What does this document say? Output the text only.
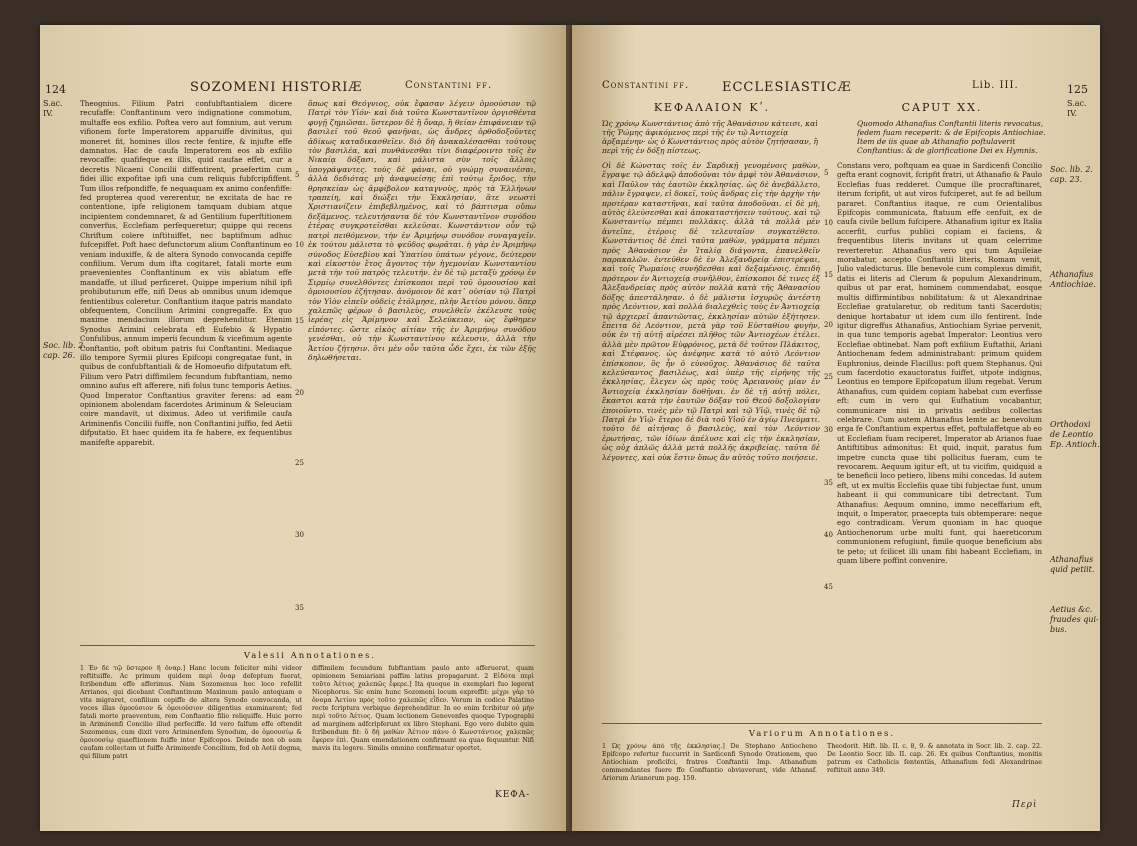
124	SOZOMENI HISTORIÆ	Constantini ff.
S.ac.
IV.
Soc. lib. 2.
cap. 26.

Theognius. Filium Patri confubftantialem dicere recufaffe: Conftantinum vero indignatione commotum, multaffe eos exfilio. Poftea vero aut fomnium, aut verum vifionem forte Imperatorem apparuiffe divinitus, qui moneret fit, homines illos recte fentire, & injufte effe damnatos. Hac de caufa Imperatorem eos ab exfilio revocaffe: quafifeque ex illis, quid caufae effet, cur a decretis Nicaeni Concilii diffentirent, praefertim cum fidei illic expofitae ipfi una cum reliquis fubfcripfiffent. Tum illos refpondiffe, fe nequaquam ex animo confenfiffe: fed propterea quod vererentur, ne excitata de hac re contentione, ipfe religionem tamquam dubiam atque incipientem condemnaret, & ad Gentilium fuperftitionem converfus, Ecclefiam perfequeretur; quippe qui recens Chriftum colere inftituiffet, nec baptifmum adhuc fufcepiffet. Poft haec defunctorum alium Conftantinum eo veniam induxiffe, & de altera Synodo convocanda cepiffe confilium. Verum dum ifta cogitaret, fatali morte eum praevenientes Conftantinum ex viis ablatum effe mandaffe, ut illud perficeret. Quippe imperium nihil ipfi prohibuturum effe, nifi Deus ab omnibus unum idemque fentientibus coleretur. Conftantium itaque patris mandato obfequentem, Concilium Arimini congregaffe. Ex quo maxime mendacium illorum deprehenditur. Etenim Synodus Arimini celebrata eft Eufebio & Hypatio Confulibus, annum imperii fecundum & vicefimum agente Conftantio, poft obitum patris fui Conftantini. Mediaque illo tempore Syrmii plures Epifcopi congregatae funt, in quibus de confubftantiali & de Homoeufio difputatum eft. Filium vero Patri diffimilem fecundum fubftantiam, nemo omnino aufus eft afferere, nifi folus tunc temporis Aetius. Quod Imperator Conftantius graviter ferens: ad eam opinionem abolendam facerdotes Ariminum & Seleuciam coire mandavit, ut diximus. Adeo ut verifimile caufa Ariminenfis Concilii fuiffe, non Conftantini juffio, fed Aetii difputatio. Et haec quidem ita fe habere, ex fequentibus manifefte apparebit.

5
10
15
20
25
30
35

ὅπως καὶ Θεόγνιος, οὐκ ἔφασαν λέγειν ὁμοούσιον τῷ Πατρὶ τὸν Υἱόν· καὶ διὰ τοῦτο Κωνσταντῖνον ὀργισθέντα φυγῇ ζημιῶσαι. ὕστερον δὲ ἢ ὄναρ, ἢ θείαν ἐπιφάνειαν τῷ βασιλεῖ τοῦ θεοῦ φανῆναι, ὡς ἄνδρες ὀρθοδοξοῦντες ἀδίκως καταδικασθεῖεν. διὸ δὴ ἀνακαλέσασθαι τούτους τὸν βασιλέα, καὶ πυνθάνεσθαι τίνι διαφέροιντο τοῖς ἐν Νικαίᾳ δόξασι, καὶ μάλιστα σὺν τοῖς ἄλλοις ὑπογράψαντες. τοὺς δὲ φάναι, οὐ γνώμῃ συναινέσαι, ἀλλὰ δεδιότας μὴ ἀναφυείσης ἐπὶ τούτῳ ἔριδος, τὴν θρησκείαν ὡς ἀμφίβολον καταγνοὺς, πρὸς τὰ Ἑλλήνων τραπείη, καὶ διώξει τὴν Ἐκκλησίαν, ἅτε νεωστὶ Χριστιανίζειν ἐπιβεβλημένος, καὶ τὸ βάπτισμα οὔπω δεξάμενος. τελευτήσαντα δὲ τὸν Κωνσταντῖνον συνόδου ἑτέρας συγκροτεῖσθαι κελεῦσαι. Κωνστάντιον οὖν τῷ πατρὶ πειθόμενον, τὴν ἐν Ἀριμήνῳ συνόδον συναγαγεῖν. ἐκ τούτου μάλιστα τὸ ψεῦδος φωρᾶται. ἡ γὰρ ἐν Ἀριμήνῳ σύνοδος Εὐσεβίου καὶ Ὑπατίου ὑπάτων γέγονε, δεύτερον καὶ εἰκοστὸν ἔτος ἄγοντος τὴν ἡγεμονίαν Κωνσταντίου μετὰ τὴν τοῦ πατρὸς τελευτήν. ἐν δὲ τῷ μεταξὺ χρόνῳ ἐν Σιρμίῳ συνελθόντες ἐπίσκοποι περὶ τοῦ ὁμοουσίου καὶ ὁμοιουσίου ἐζήτησαν. ἀνόμοιον δὲ κατ᾽ οὐσίαν τῷ Πατρὶ τὸν Υἱὸν εἰπεῖν οὐδεὶς ἐτόλμησε, πλὴν Ἀετίου μόνου. ὅπερ χαλεπῶς φέρων ὁ βασιλεὺς, συνελθεῖν ἐκέλευσε τοὺς ἱερέας εἰς Ἀρίμηνον καὶ Σελεύκειαν, ὡς ἔφθημεν εἰπόντες. ὥστε εἰκὸς αἰτίαν τῆς ἐν Ἀριμήνῳ συνόδου γενέσθαι, οὐ τὴν Κωνσταντίνου κέλευσιν, ἀλλὰ τὴν Ἀετίου ζήτησιν. ὅτι μὲν οὖν ταῦτα ὧδε ἔχει, ἐκ τῶν ἑξῆς δηλωθήσεται.

Valesii Annotationes.

1 Ἐν δὲ τῷ ὕστερον ἢ ὄναρ.] Hanc locum feliciter mihi videor reftituiffe. Ac primum quidem περὶ ὄναρ defeptum fuerat, fcribendum effe afferimus. Nam Sozomenus hoc loco refellit Arrianos, qui dicebant Conftantinum Maximum paulo antequam e vita migraret, confilium cepiffe de altera Synodo convocanda, ut voces illas ὁμοούσιον & ὁμοιούσιον diligentius examinarent; fed fatali morte praeventum, rem Conftantio filio reliquiffe. Huic porro in Ariminenfi Concilio illud perfeciffe. Id vero falfum effe oftendit Sozomenus, cum dixit vero Ariminenfem Synodum, de ὁμοουσίῳ & ὁμοιουσίῳ quaeftionem fuiffe inter Epifcopos. Deinde non ob eam caufam collectam ut fuiffe Ariminenfe Concilium, fed ob Aetii dogma, qui filium patri

diffimilem fecundum fubftantiam paulo ante afferuerat, quam opinionem Semiariani paffim latius propagarunt. 2 Εἰδότα περὶ τοῦτο Ἀέτιος χαλεπῶς ἔφερε.] Ita quoque in exemplari fuo legerat Nicephorus. Sic enim hunc Sozomeni locum expreffit: μέχρι γὰρ τὸ ὄνομα Ἀετίου πρὸς τοῦτο χαλεπῶς εἶδεν. Verum in codice Palatino recte fcriptura verbique deprehenditur. In eo enim fcribitur οὐ μὴν περὶ τοῦτο Ἀέτιος. Quam lectionem Genevenfes quoque Typographi ad marginem adfcripferunt ex libro Stephani. Ego vero dubito quin fcribendum fit: ὅ δὴ μαθὼν Ἀέτιον πάνυ ὁ Κωνστάντιος χαλεπῶς ἔφερεν ἐπὶ. Quam emendationem confirmant ea quae fequuntur. Nifi mavis ita legere. Similis omnino confirmatur oportet.

ΚΕΦΑ-
Constantini ff.	ECCLESIASTICÆ	Lib. III.	125
S.ac.
IV.
ΚΕΦΑΛΑΙΟΝ Κʹ.	CAPUT XX.
Ὡς χρόνῳ Κωνστάντιος ἀπὸ τῆς Ἀθανάσιον κάτεισι, καὶ τῆς Ῥώμης ἀφικόμενος περὶ τῆς ἐν τῷ Ἀντιοχείᾳ ἀρξαμένην· ὡς ὁ Κωνστάντιος πρὸς αὐτὸν ζητήσασαν, ἢ περὶ τῆς ἐν δόξῃ πίστεως.
Quomodo Athanafius Conftantii literis revocatus, fedem fuam receperit: & de Epifcopis Antiochiae. Item de iis quae ab Athanafio poftulaverit Conftantius: & de glorificatione Dei ex Hymnis.

Οἱ δὲ Κώνστας τοῖς ἐν Σαρδικῇ γενομένοις μαθὼν, ἔγραψε τῷ ἀδελφῷ ἀποδοῦναι τὸν ἀμφὶ τὸν Ἀθανάσιον, καὶ Παῦλον τὰς ἑαυτῶν ἐκκλησίας. ὡς δὲ ἀνεβάλλετο, πάλιν ἔγραψεν, εἰ δοκεῖ, τοὺς ἄνδρας εἰς τὴν ἀρχὴν τὴν προτέραν καταστῆναι, καὶ ταῦτα ἀποδοῦναι. εἰ δὲ μὴ, αὐτὸς ἐλεύσεσθαι καὶ ἀποκαταστήσειν τούτους. καὶ τῷ Κωνσταντίῳ πέμπει πολλάκις. ἀλλὰ τὰ πολλὰ μὲν ἀντεῖπε, ἑτέροις δὲ τελευταῖον συγκατέθετο. Κωνστάντιος δὲ ἐπεὶ ταῦτα μαθὼν, γράμματα πέμπει πρὸς Ἀθανάσιον ἐν Ἰταλίᾳ διάγοντα, ἐπανελθεῖν παρακαλῶν. ἐντεῦθεν δὲ ἐν Ἀλεξανδρείᾳ ἐπιστρέψαι, καὶ τοῖς Ῥωμαίοις συνήδεσθαι καὶ δεξαμένοις. ἐπειδὴ πρότερον ἐν Ἀντιοχείᾳ συνῆλθον, ἐπίσκοποι δὲ τινες ἐξ Ἀλεξανδρείας πρὸς αὐτὸν πολλὰ κατὰ τῆς Ἀθανασίου δόξης ἀπεστάλησαν. ὁ δὲ μάλιστα ἰσχυρῶς ἀντέστη πρὸς Λεόντιον, καὶ πολλὰ διαλεχθεὶς τοὺς ἐν Ἀντιοχείᾳ τῷ ἀρχιερεῖ ἀπαντῶντας, ἐκκλησίαν αὐτῶν ἐξήτησεν. ἔπειτα δὲ Λεόντιον, μετὰ γὰρ τοῦ Εὐσταθίου φυγὴν, οὐκ ἐν τῇ αὐτῇ αἱρέσει πλῆθος τῶν Ἀντιοχέων ἐτέλει. ἀλλὰ μὲν πρῶτον Εὐφρόνιος, μετὰ δὲ τοῦτον Πλάκιτος, καὶ Στέφανος. ὡς ἀνέφηνε κατὰ τὸ αὐτὸ Λεόντιον ἐπίσκοπον, ὃς ἦν ὁ εὐνοῦχος. Ἀθανάσιος δὲ ταῦτα κελεύσαντος βασιλέως, καὶ ὑπὲρ τῆς εἰρήνης τῆς ἐκκλησίας, ἔλεγεν ὡς πρὸς τοὺς Ἀρειανοὺς μίαν ἐν Ἀντιοχείᾳ ἐκκλησίαν δοθῆναι. ἐν δὲ τῇ αὐτῇ πόλει, ἕκαστοι κατὰ τὴν ἑαυτῶν δόξαν τοῦ Θεοῦ δοξολογίαν ἐποιοῦντο. τινὲς μὲν τῷ Πατρὶ καὶ τῷ Υἱῷ, τινὲς δὲ τῷ Πατρὶ ἐν Υἱῷ· ἕτεροι δὲ διὰ τοῦ Υἱοῦ ἐν ἁγίῳ Πνεύματι. τοῦτο δὲ αἰτήσας ὁ βασιλεὺς, καὶ τὸν Λεόντιον ἐρωτήσας, τῶν ἰδίων ἀπέλυσε καὶ εἰς τὴν ἐκκλησίαν, ὡς οὐχ ἁπλῶς ἀλλὰ μετὰ πολλῆς ἀκριβείας. ταῦτα δὲ λέγοντες, καὶ οὐκ ἔστιν ὅπως ἂν αὐτὸς τοῦτο ποιήσειε.

5
10
15
20
25
30
35
40
45

Constans vero, poftquam ea quae in Sardicenfi Concilio gefta erant cognovit, fcripfit fratri, ut Athanafio & Paulo Ecclefias fuas redderet. Cumque ille procraftinaret, iterum fcripfit, ut aut viros fufciperet, aut fe ad bellum pararet. Conftantius itaque, re cum Orientalibus Epifcopis communicata, ftatuum effe cenfuit, ex de caufa civile bellum fufcipere. Athanafium igitur ex Italia accerfit, curfus publici copiam ei faciens, & frequentibus literis invitans ut quam celerrime reverteretur. Athanafius vero qui tum Aquileiae morabatur, accepto Conftantii literis, Romam venit, Julio valedicturus. Ille benevole cum complexus dimifit, datis ei literis ad Clerum & populum Alexandrinum, quibus ut par erat, hominem commendabat, eosque multis diffirmintibus nobilitatum: & ut Alexandrinae Ecclefiae gratularetur, ob reditum tanti Sacerdotis; denique hortabatur ut idem cum illo fentirent. Inde igitur digreffus Athanafius, Antiochiam Syriae pervenit, in qua tunc temporis agebat Imperator: Leontius vero Ecclefiae obtinebat. Nam poft exfilium Euftathii, Ariani Antiochenam fedem administrabant: primum quidem Euphronius, deinde Flacillus: poft quem Stephanus. Qui cum facerdotio exauctoratus fuiffet, utpote indignus, Leontius eo tempore Epifcopatum illum regebat. Verum Athanafius, cum quidem copiam habebat cum everfisse eft: cum in vero qui Eufhatium vocabantur, communicare nisi in privatis aedibus collectas celebrare. Cum autem Athanafius lemte ac benevolum erga fe Conftantium expertus effet, poftulaffetque ab eo ut Ecclefiam fuam reciperet, Imperator ab Arianos fuae Antiftitibus admonitus: Et quid, inquit, paratus fum impetre cuncta quae tibi pollicitus fueram, cum te revocarem. Aequum igitur eft, ut tu vicifim, quidquid a te beneficii loco petiero, libens mihi concedas. Id autem eft, ut ex multis Ecclefiis quae tibi fubjectae funt, unum habeant ii qui communicare tibi detrectant. Tum Athanafius: Aequum omnino, immo neceffarium eft, inquit, o Imperator, praecepta tuis obtemperare: neque ego contradicam. Verum quoniam in hac quoque Antiochenorum urbe multi funt, qui haereticorum communionem refugiunt, fimile quoque beneficium abs te peto; ut fcilicet illi unam fibi habeant Ecclefiam, in quam libere poffint convenire.

Soc. lib. 2.
cap. 23.
Athanafius
Antiochiae.
Orthodoxi
de Leontio
Ep. Antioch.
Athanafius
quid petiit.
Aetius &c.
fraudes qui-
bus.
Variorum Annotationes.

1 Ὡς χρόνῳ ἀπὸ τῆς ἐκκλησίας.] De Stephano Antiocheno Epifcopo refertur fuccurrit in Sardicenfi Synodo Orationem, quo Antiochiam proficifci, fratres Conftantii Imp. Athanafium commendantes fuere ffo Conftantio obviaverunt, vide Athanaf. Ariorum Arianorum pag. 159.

Theodorit. Hift. lib. II. c. 8, 9. & annotata in Socr. lib. 2. cap. 22. De Leontio Socr. lib. II. cap. 26. Ex quibus Conftantius, monitis patrum ex Catholicis fententiis, Athanafium fedi Alexandrinae reftituit anno 349.

Περὶ
